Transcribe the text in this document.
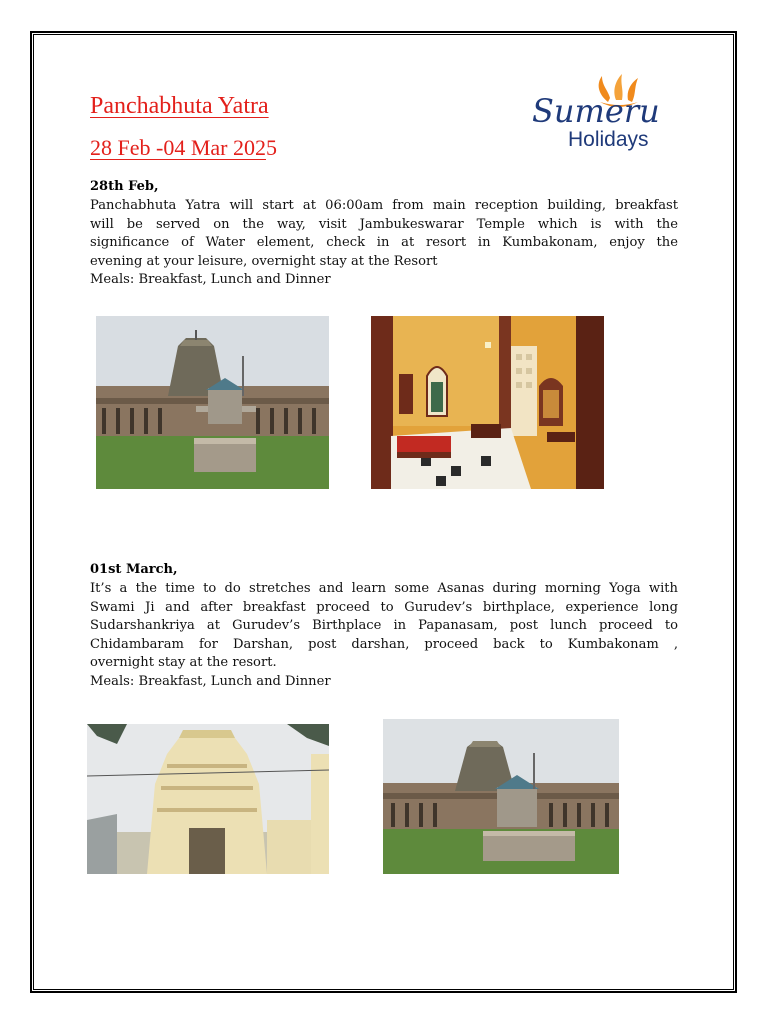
Panchabhuta Yatra
28 Feb -04 Mar 2025
Sumeru
Holidays
28th Feb,
Panchabhuta Yatra will start at 06:00am from main reception building, breakfast
will be served on the way, visit Jambukeswarar Temple which is with the
significance of Water element, check in at resort in Kumbakonam, enjoy the
evening at your leisure, overnight stay at the Resort
Meals: Breakfast, Lunch and Dinner
01st March,
It’s a the time to do stretches and learn some Asanas during morning Yoga with
Swami Ji and after breakfast proceed to Gurudev’s birthplace, experience long
Sudarshankriya at Gurudev’s Birthplace in Papanasam, post lunch proceed to
Chidambaram for Darshan, post darshan, proceed back to Kumbakonam ,
overnight stay at the resort.
Meals: Breakfast, Lunch and Dinner
